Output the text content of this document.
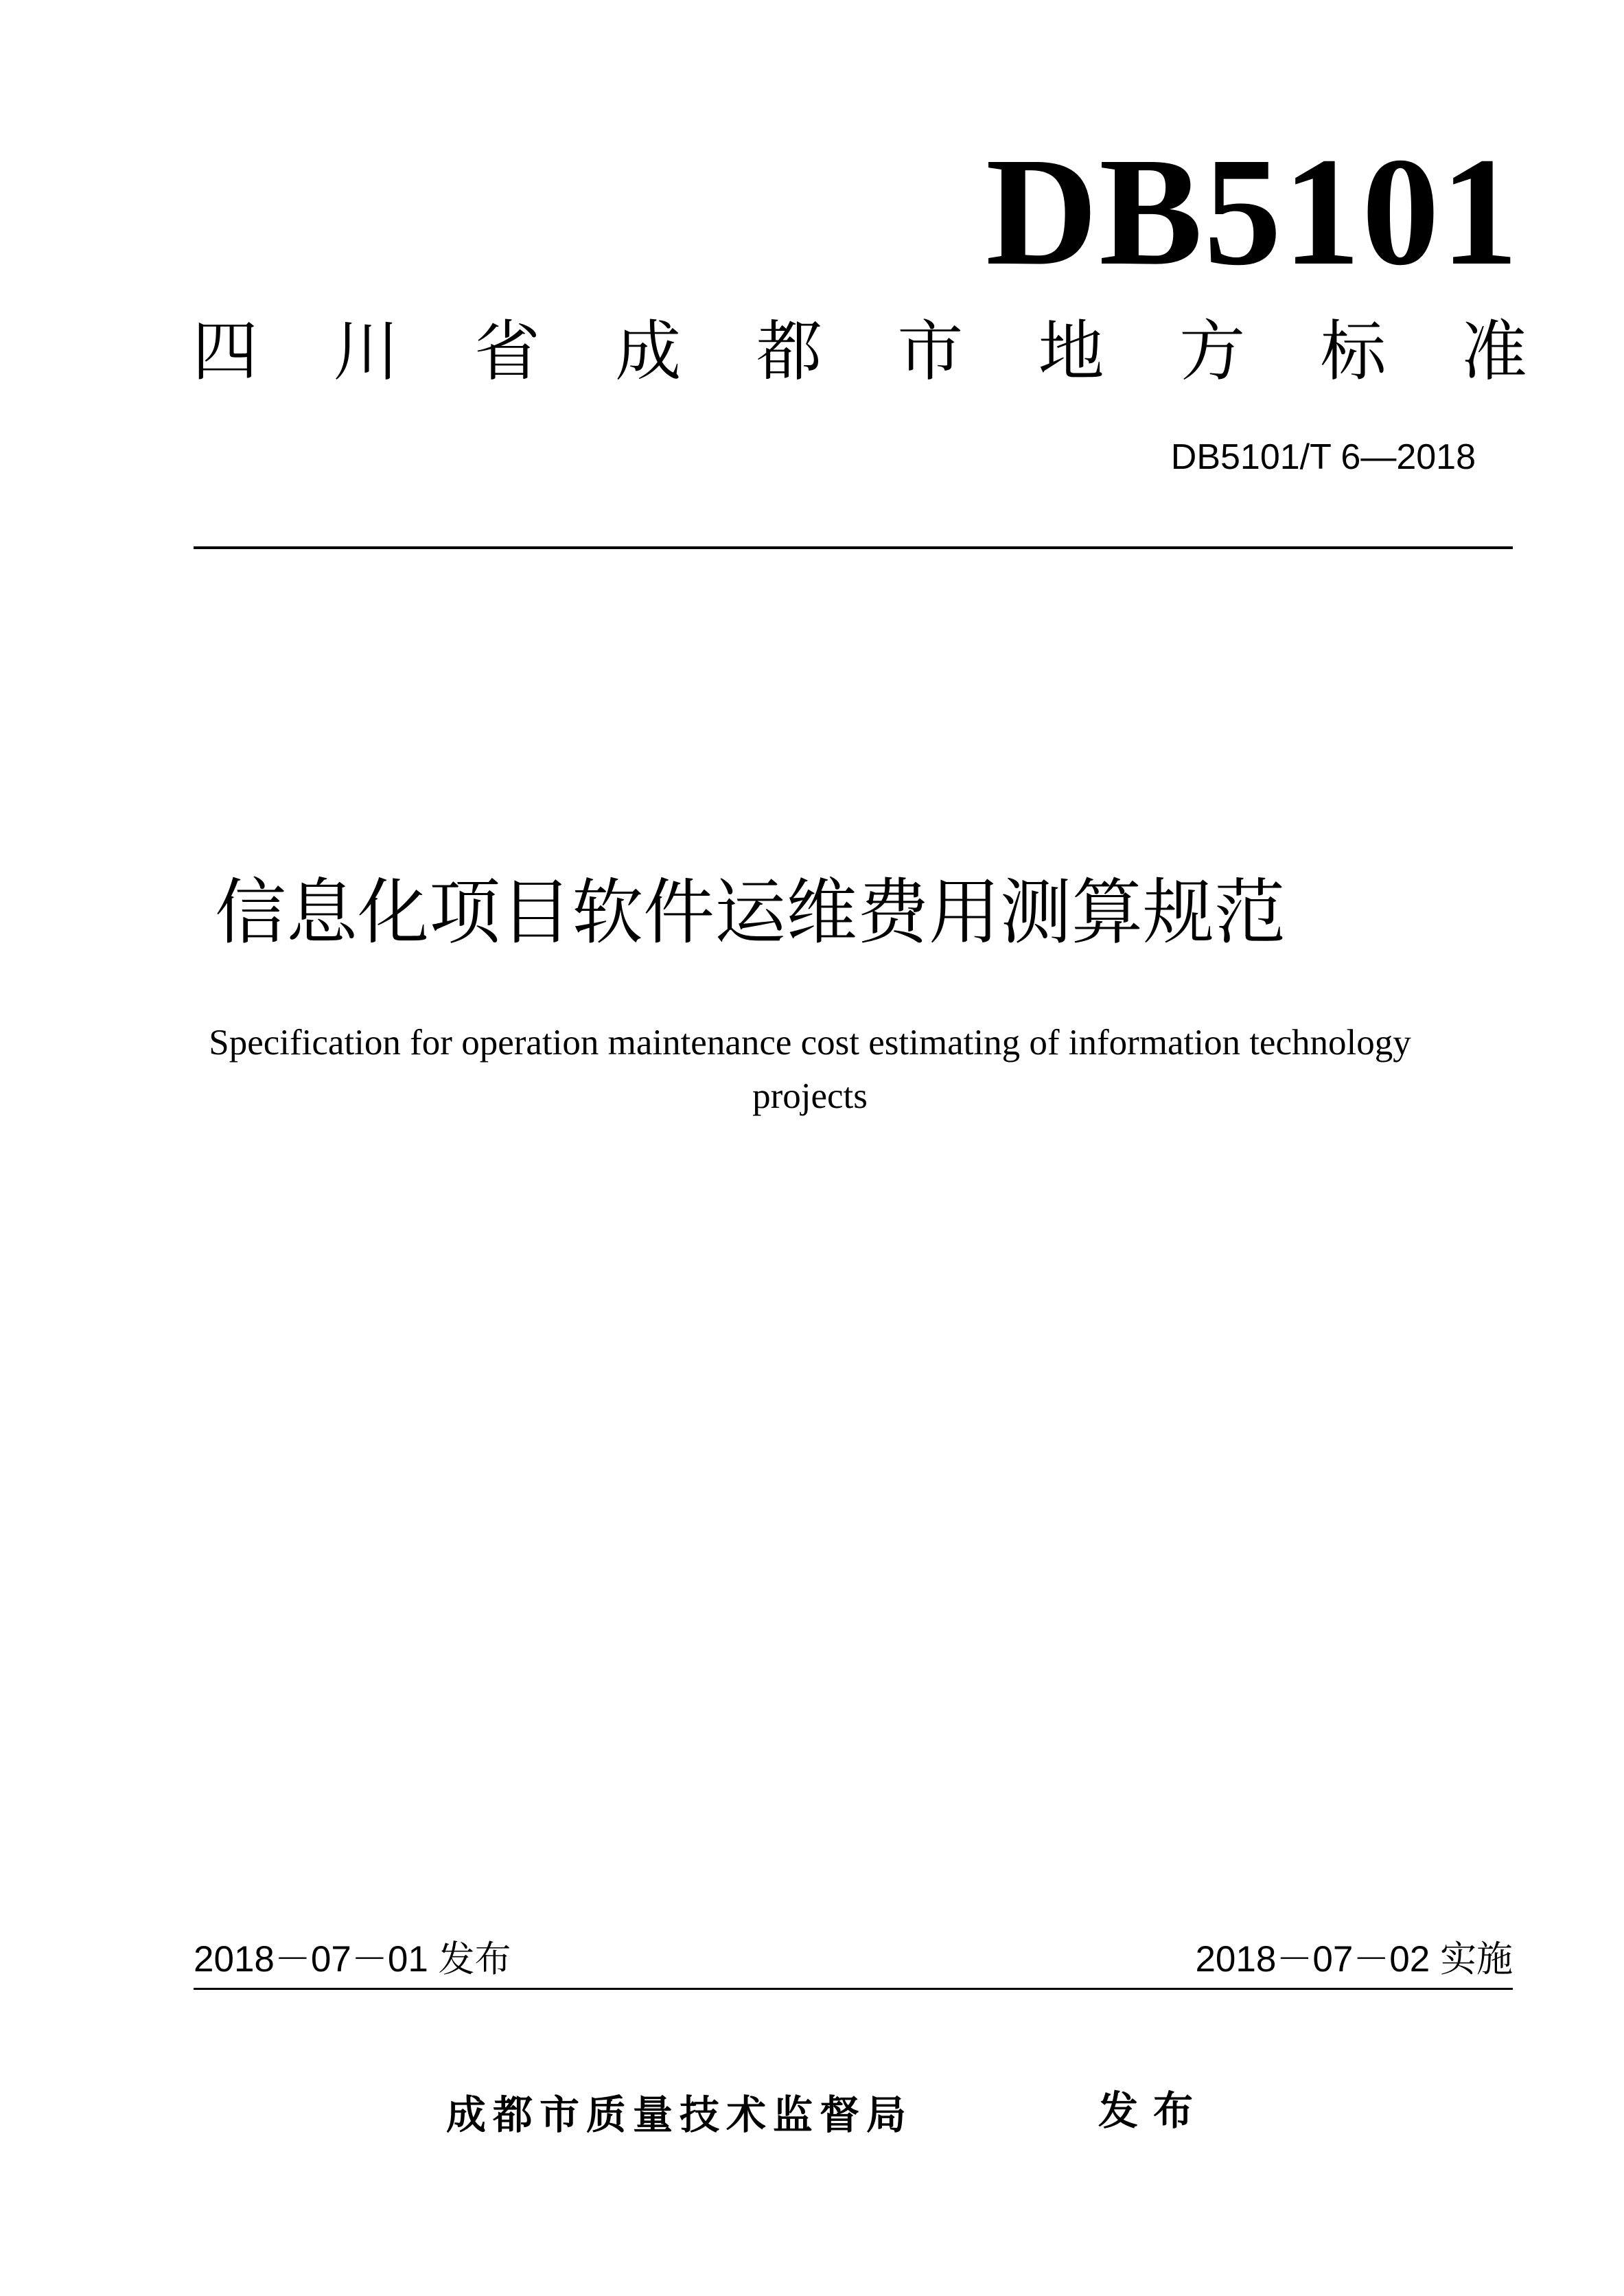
DB5101
四 川 省 成 都 市 地 方 标 准
DB5101/T 6—2018
信息化项目软件运维费用测算规范
Specification for operation maintenance cost estimating of information technology
projects
2018－07－01 发布	2018－07－02 实施
成都市质量技术监督局	发布
